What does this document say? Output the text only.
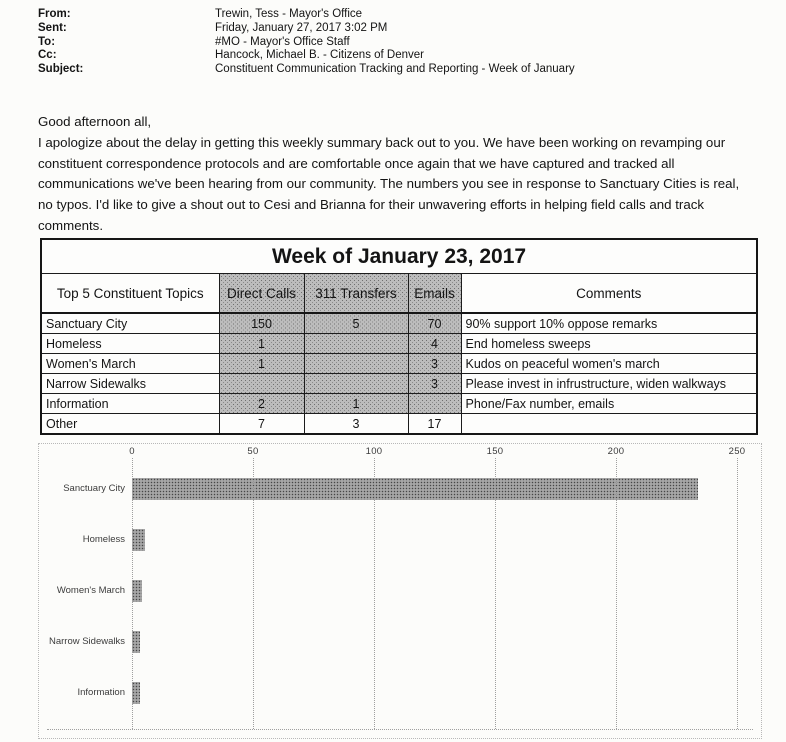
From:	Trewin, Tess - Mayor's Office
Sent:	Friday, January 27, 2017 3:02 PM
To:	#MO - Mayor's Office Staff
Cc:	Hancock, Michael B. - Citizens of Denver
Subject:	Constituent Communication Tracking and Reporting - Week of January
Good afternoon all,
I apologize about the delay in getting this weekly summary back out to you. We have been working on revamping our
constituent correspondence protocols and are comfortable once again that we have captured and tracked all
communications we've been hearing from our community. The numbers you see in response to Sanctuary Cities is real,
no typos. I'd like to give a shout out to Cesi and Brianna for their unwavering efforts in helping field calls and track
comments.
Week of January 23, 2017				
Top 5 Constituent Topics	Direct Calls	311 Transfers	Emails	Comments
Sanctuary City	150	5	70	90% support 10% oppose remarks
Homeless	1		4	End homeless sweeps
Women's March	1		3	Kudos on peaceful women's march
Narrow Sidewalks			3	Please invest in infrustructure, widen walkways
Information	2	1		Phone/Fax number, emails
Other	7	3	17	
Sanctuary City
Homeless
Women's March
Narrow Sidewalks
Information
0	50	100	150	200	250
